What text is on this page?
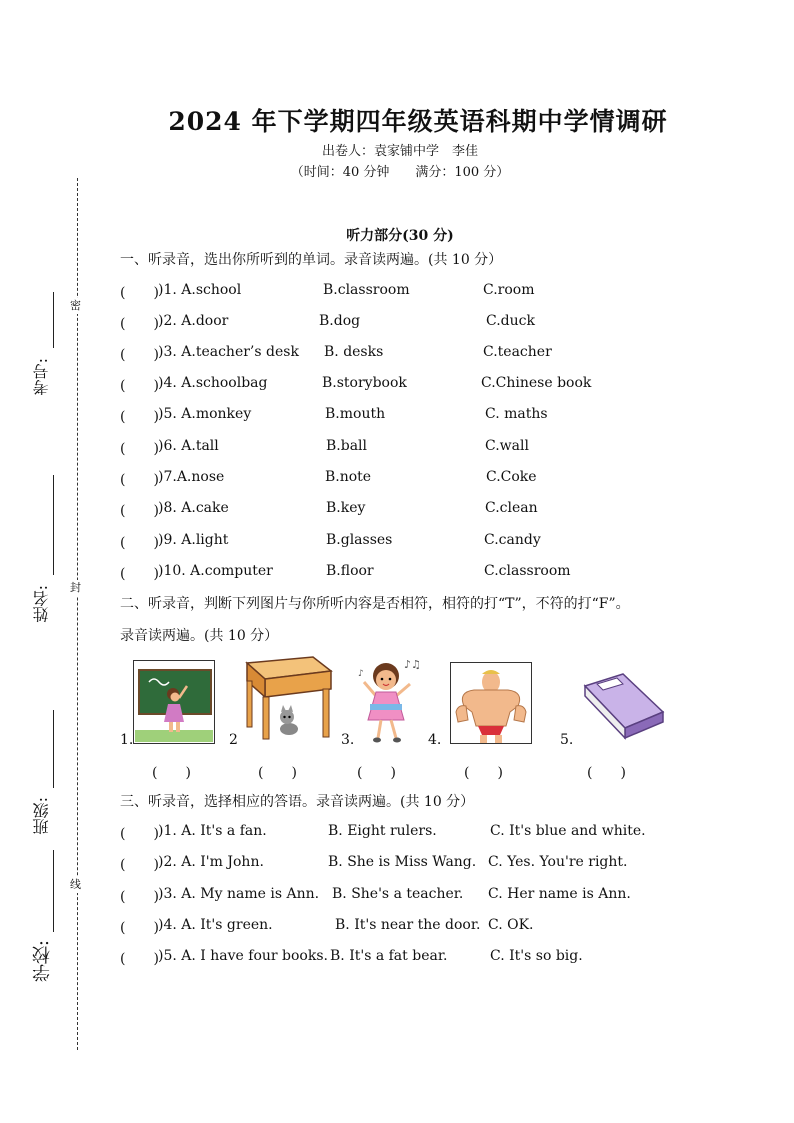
2024 年下学期四年级英语科期中学情调研
出卷人：袁家铺中学　李佳
（时间：40 分钟　　满分：100 分）
密
封
线
考号:
姓名:
班级:
学校:
听力部分(30 分)
一、听录音，选出你所听到的单词。录音读两遍。(共 10 分）
(　　) )1. A.school	B.classroom	C.room
(　　) )2. A.door	B.dog	C.duck
(　　) )3. A.teacher’s desk B. desks	C.teacher
(　　) )4. A.schoolbag	B.storybook	C.Chinese book
(　　) )5. A.monkey	B.mouth	C. maths
(　　) )6. A.tall	B.ball	C.wall
(　　) )7.A.nose	B.note	C.Coke
(　　) )8. A.cake	B.key	C.clean
(　　) )9. A.light	B.glasses	C.candy
(　　) )10. A.computer	B.floor	C.classroom
二、听录音，判断下列图片与你所听内容是否相符，相符的打“T”，不符的打“F”。
录音读两遍。(共 10 分）
1.	2	3.
♪♫
♪
4.	5.
(　　)	(　　)	(　　)	(　　)	(　　)
三、听录音，选择相应的答语。录音读两遍。(共 10 分）
(　　) )1. A. It's a fan.	B. Eight rulers.	C. It's blue and white.
(　　) )2. A. I'm John.	B. She is Miss Wang. C. Yes. You're right.
(　　) )3. A. My name is Ann. B. She's a teacher. C. Her name is Ann.
(　　) )4. A. It's green.	B. It's near the door. C. OK.
(　　) )5. A. I have four books. B. It's a fat bear.	C. It's so big.
